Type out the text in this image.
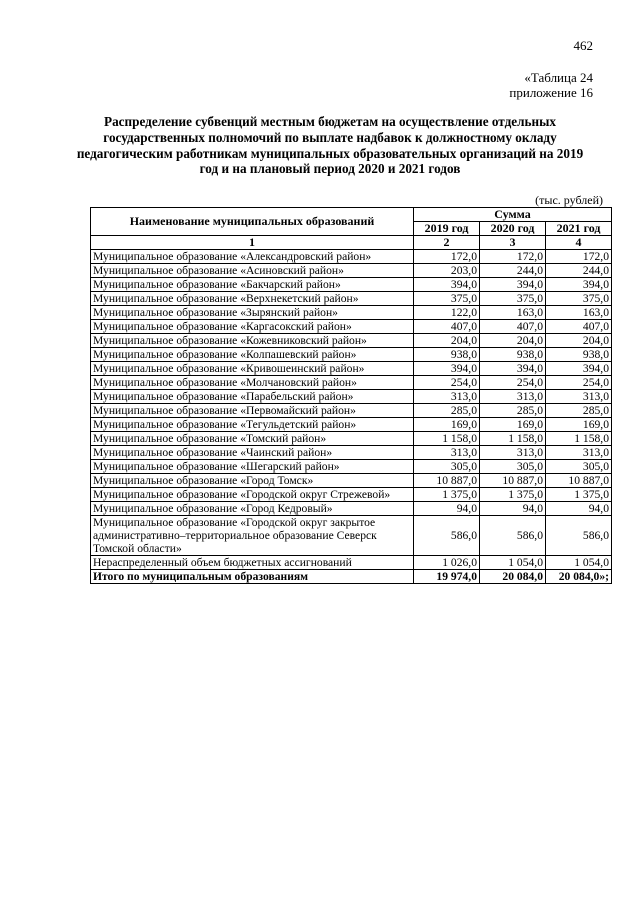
462
«Таблица 24
приложение 16
Распределение субвенций местным бюджетам на осуществление отдельных государственных полномочий по выплате надбавок к должностному окладу педагогическим работникам муниципальных образовательных организаций на 2019 год и на плановый период 2020 и 2021 годов
(тыс. рублей)
Наименование муниципальных образований	Сумма		
	2019 год	2020 год	2021 год
1	2	3	4
Муниципальное образование «Александровский район»	172,0	172,0	172,0
Муниципальное образование «Асиновский район»	203,0	244,0	244,0
Муниципальное образование «Бакчарский район»	394,0	394,0	394,0
Муниципальное образование «Верхнекетский район»	375,0	375,0	375,0
Муниципальное образование «Зырянский район»	122,0	163,0	163,0
Муниципальное образование «Каргасокский район»	407,0	407,0	407,0
Муниципальное образование «Кожевниковский район»	204,0	204,0	204,0
Муниципальное образование «Колпашевский район»	938,0	938,0	938,0
Муниципальное образование «Кривошеинский район»	394,0	394,0	394,0
Муниципальное образование «Молчановский район»	254,0	254,0	254,0
Муниципальное образование «Парабельский район»	313,0	313,0	313,0
Муниципальное образование «Первомайский район»	285,0	285,0	285,0
Муниципальное образование «Тегульдетский район»	169,0	169,0	169,0
Муниципальное образование «Томский район»	1 158,0	1 158,0	1 158,0
Муниципальное образование «Чаинский район»	313,0	313,0	313,0
Муниципальное образование «Шегарский район»	305,0	305,0	305,0
Муниципальное образование «Город Томск»	10 887,0	10 887,0	10 887,0
Муниципальное образование «Городской округ Стрежевой»	1 375,0	1 375,0	1 375,0
Муниципальное образование «Город Кедровый»	94,0	94,0	94,0
Муниципальное образование «Городской округ закрытое административно–территориальное образование Северск Томской области»	586,0	586,0	586,0
Нераспределенный объем бюджетных ассигнований	1 026,0	1 054,0	1 054,0
Итого по муниципальным образованиям	19 974,0	20 084,0	20 084,0»;
